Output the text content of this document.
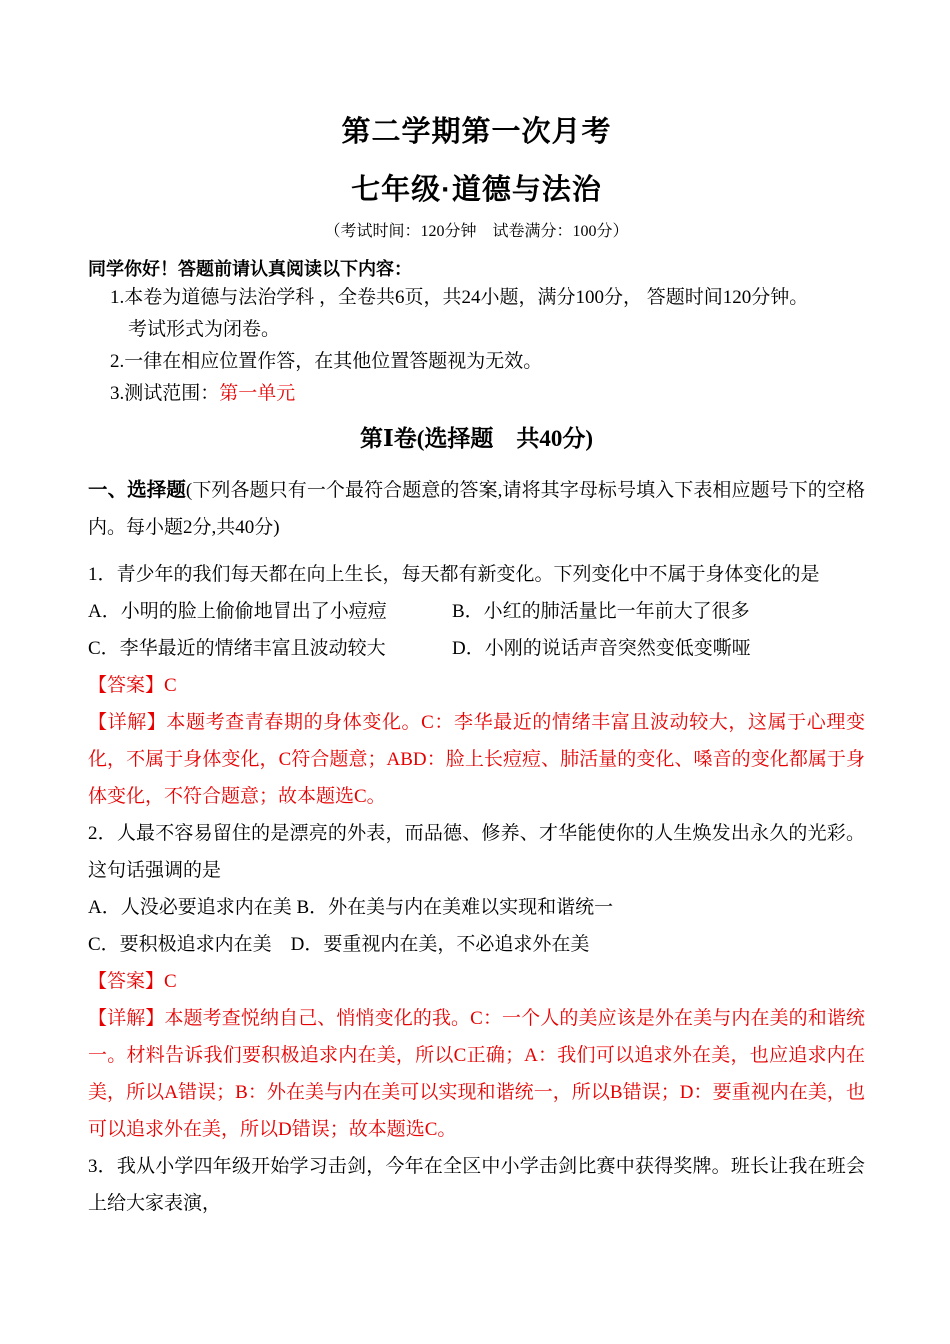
第二学期第一次月考
七年级·道德与法治
（考试时间：120分钟　试卷满分：100分）
同学你好！答题前请认真阅读以下内容：
1.本卷为道德与法治学科 ，全卷共6页，共24小题，满分100分， 答题时间120分钟。
考试形式为闭卷。
2.一律在相应位置作答，在其他位置答题视为无效。
3.测试范围：第一单元
第Ⅰ卷(选择题　共40分)

一、选择题(下列各题只有一个最符合题意的答案,请将其字母标号填入下表相应题号下的空格内。每小题2分,共40分)

1．青少年的我们每天都在向上生长，每天都有新变化。下列变化中不属于身体变化的是

A．小明的脸上偷偷地冒出了小痘痘	B．小红的肺活量比一年前大了很多
C．李华最近的情绪丰富且波动较大	D．小刚的说话声音突然变低变嘶哑

【答案】C

【详解】本题考查青春期的身体变化。C：李华最近的情绪丰富且波动较大，这属于心理变化，不属于身体变化，C符合题意；ABD：脸上长痘痘、肺活量的变化、嗓音的变化都属于身体变化，不符合题意；故本题选C。

2．人最不容易留住的是漂亮的外表，而品德、修养、才华能使你的人生焕发出永久的光彩。这句话强调的是

A．人没必要追求内在美 B．外在美与内在美难以实现和谐统一

C．要积极追求内在美　D．要重视内在美，不必追求外在美

【答案】C

【详解】本题考查悦纳自己、悄悄变化的我。C：一个人的美应该是外在美与内在美的和谐统一。材料告诉我们要积极追求内在美，所以C正确；A：我们可以追求外在美，也应追求内在美，所以A错误；B：外在美与内在美可以实现和谐统一，所以B错误；D：要重视内在美，也可以追求外在美，所以D错误；故本题选C。

3．我从小学四年级开始学习击剑，今年在全区中小学击剑比赛中获得奖牌。班长让我在班会上给大家表演，
